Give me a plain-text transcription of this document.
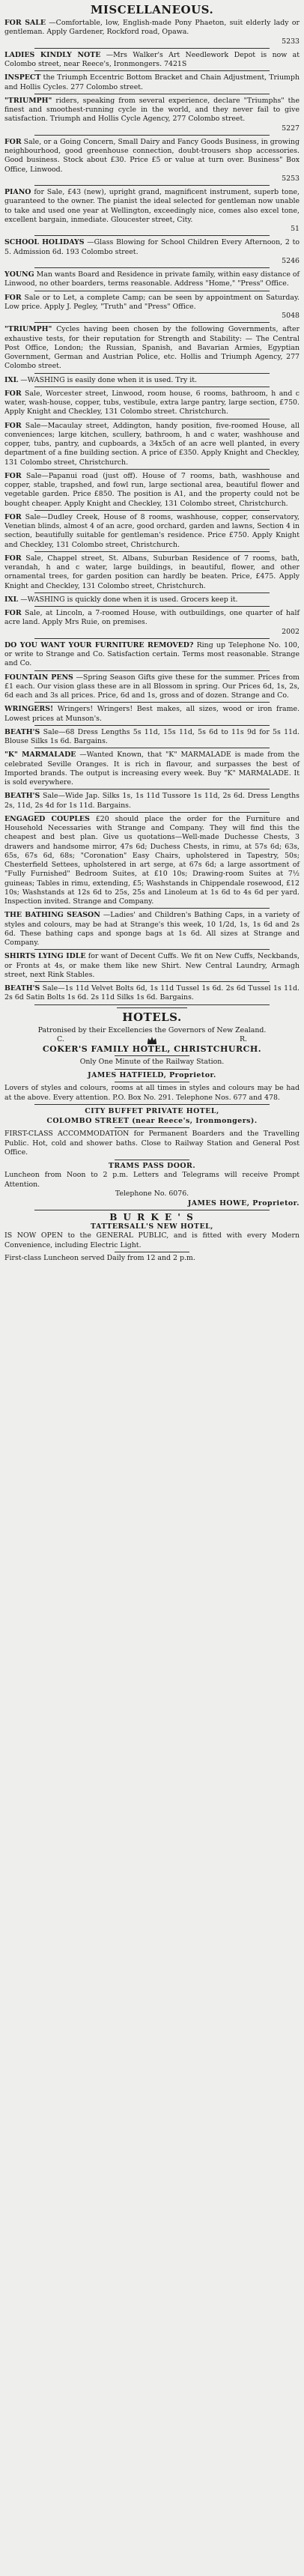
MISCELLANEOUS.

FOR SALE —Comfortable, low, English-made Pony Phaeton, suit elderly lady or gentleman. Apply Gardener, Rockford road, Opawa.
5233

LADIES KINDLY NOTE —Mrs Walker's Art Needlework Depot is now at Colombo street, near Reece's, Ironmongers. 7421S

INSPECT the Triumph Eccentric Bottom Bracket and Chain Adjustment, Triumph and Hollis Cycles. 277 Colombo street.

"TRIUMPH" riders, speaking from several experience, declare "Triumphs" the finest and smoothest-running cycle in the world, and they never fail to give satisfaction. Triumph and Hollis Cycle Agency, 277 Colombo street.
5227

FOR Sale, or a Going Concern, Small Dairy and Fancy Goods Business, in growing neighbourhood, good greenhouse connection, doubt-trousers shop accessories. Good business. Stock about £30. Price £5 or value at turn over. Business" Box Office, Linwood.
5253

PIANO for Sale, £43 (new), upright grand, magnificent instrument, superb tone, guaranteed to the owner. The pianist the ideal selected for gentleman now unable to take and used one year at Wellington, exceedingly nice, comes also excel tone, excellent bargain, inmediate. Gloucester street, City.
51

SCHOOL HOLIDAYS —Glass Blowing for School Children Every Afternoon, 2 to 5. Admission 6d. 193 Colombo street.
5246

YOUNG Man wants Board and Residence in private family, within easy distance of Linwood, no other boarders, terms reasonable. Address "Home," "Press" Office.

FOR Sale or to Let, a complete Camp; can be seen by appointment on Saturday. Low price. Apply J. Pegley, "Truth" and "Press" Office.
5048

"TRIUMPH" Cycles having been chosen by the following Governments, after exhaustive tests, for their reputation for Strength and Stability: — The Central Post Office, London; the Russian, Spanish, and Bavarian Armies, Egyptian Government, German and Austrian Police, etc. Hollis and Triumph Agency, 277 Colombo street.

IXL —WASHING is easily done when it is used. Try it.

FOR Sale, Worcester street, Linwood, room house, 6 rooms, bathroom, h and c water, wash-house, copper, tubs, vestibule, extra large pantry, large section, £750. Apply Knight and Checkley, 131 Colombo street. Christchurch.

FOR Sale—Macaulay street, Addington, handy position, five-roomed House, all conveniences; large kitchen, scullery, bathroom, h and c water, washhouse and copper, tubs, pantry, and cupboards, a 34x5ch of an acre well planted, in every department of a fine building section. A price of £350. Apply Knight and Checkley, 131 Colombo street, Christchurch.

FOR Sale—Papanui road (just off). House of 7 rooms, bath, washhouse and copper, stable, trapshed, and fowl run, large sectional area, beautiful flower and vegetable garden. Price £850. The position is A1, and the property could not be bought cheaper. Apply Knight and Checkley, 131 Colombo street, Christchurch.

FOR Sale—Dudley Creek, House of 8 rooms, washhouse, copper, conservatory, Venetian blinds, almost 4 of an acre, good orchard, garden and lawns, Section 4 in section, beautifully suitable for gentleman's residence. Price £750. Apply Knight and Checkley, 131 Colombo street, Christchurch.

FOR Sale, Chappel street, St. Albans, Suburban Residence of 7 rooms, bath, verandah, h and c water, large buildings, in beautiful, flower, and other ornamental trees, for garden position can hardly be beaten. Price, £475. Apply Knight and Checkley, 131 Colombo street, Christchurch.

IXL —WASHING is quickly done when it is used. Grocers keep it.

FOR Sale, at Lincoln, a 7-roomed House, with outbuildings, one quarter of half acre land. Apply Mrs Ruie, on premises.
2002

DO YOU WANT YOUR FURNITURE REMOVED? Ring up Telephone No. 100, or write to Strange and Co. Satisfaction certain. Terms most reasonable. Strange and Co.

FOUNTAIN PENS —Spring Season Gifts give these for the summer. Prices from £1 each. Our vision glass these are in all Blossom in spring. Our Prices 6d, 1s, 2s, 6d each and 3s all prices. Price, 6d and 1s, gross and of dozen. Strange and Co.

WRINGERS! Wringers! Wringers! Best makes, all sizes, wood or iron frame. Lowest prices at Munson's.

BEATH'S Sale—68 Dress Lengths 5s 11d, 15s 11d, 5s 6d to 11s 9d for 5s 11d. Blouse Silks 1s 6d. Bargains.

"K" MARMALADE —Wanted Known, that "K" MARMALADE is made from the celebrated Seville Oranges. It is rich in flavour, and surpasses the best of Imported brands. The output is increasing every week. Buy "K" MARMALADE. It is sold everywhere.

BEATH'S Sale—Wide Jap. Silks 1s, 1s 11d Tussore 1s 11d, 2s 6d. Dress Lengths 2s, 11d, 2s 4d for 1s 11d. Bargains.

ENGAGED COUPLES £20 should place the order for the Furniture and Household Necessaries with Strange and Company. They will find this the cheapest and best plan. Give us quotations—Well-made Duchesse Chests, 3 drawers and handsome mirror, 47s 6d; Duchess Chests, in rimu, at 57s 6d; 63s, 65s, 67s 6d, 68s; "Coronation" Easy Chairs, upholstered in Tapestry, 50s; Chesterfield Settees, upholstered in art serge, at 67s 6d; a large assortment of "Fully Furnished" Bedroom Suites, at £10 10s; Drawing-room Suites at 7½ guineas; Tables in rimu, extending, £5; Washstands in Chippendale rosewood, £12 10s; Washstands at 12s 6d to 25s, 25s and Linoleum at 1s 6d to 4s 6d per yard. Inspection invited. Strange and Company.

THE BATHING SEASON —Ladies' and Children's Bathing Caps, in a variety of styles and colours, may be had at Strange's this week, 10 1/2d, 1s, 1s 6d and 2s 6d. These bathing caps and sponge bags at 1s 6d. All sizes at Strange and Company.

SHIRTS LYING IDLE for want of Decent Cuffs. We fit on New Cuffs, Neckbands, or Fronts at 4s, or make them like new Shirt. New Central Laundry, Armagh street, next Rink Stables.

BEATH'S Sale—1s 11d Velvet Bolts 6d, 1s 11d Tussel 1s 6d. 2s 6d Tussel 1s 11d. 2s 6d Satin Bolts 1s 6d. 2s 11d Silks 1s 6d. Bargains.

HOTELS.

Patronised by their Excellencies the Governors of New Zealand.

C.	R.

COKER'S FAMILY HOTEL, CHRISTCHURCH.

Only One Minute of the Railway Station.

JAMES HATFIELD, Proprietor.

Lovers of styles and colours, rooms at all times in styles and colours may be had at the above. Every attention. P.O. Box No. 291. Telephone Nos. 677 and 478.

CITY BUFFET PRIVATE HOTEL,

COLOMBO STREET (near Reece's, Ironmongers).

FIRST-CLASS ACCOMMODATION for Permanent Boarders and the Travelling Public. Hot, cold and shower baths. Close to Railway Station and General Post Office.

TRAMS PASS DOOR.

Luncheon from Noon to 2 p.m. Letters and Telegrams will receive Prompt Attention.

Telephone No. 6076.

JAMES HOWE, Proprietor.

B U R K E ' S

TATTERSALL'S NEW HOTEL,

IS NOW OPEN to the GENERAL PUBLIC, and is fitted with every Modern Convenience, including Electric Light.

First-class Luncheon served Daily from 12 and 2 p.m.
